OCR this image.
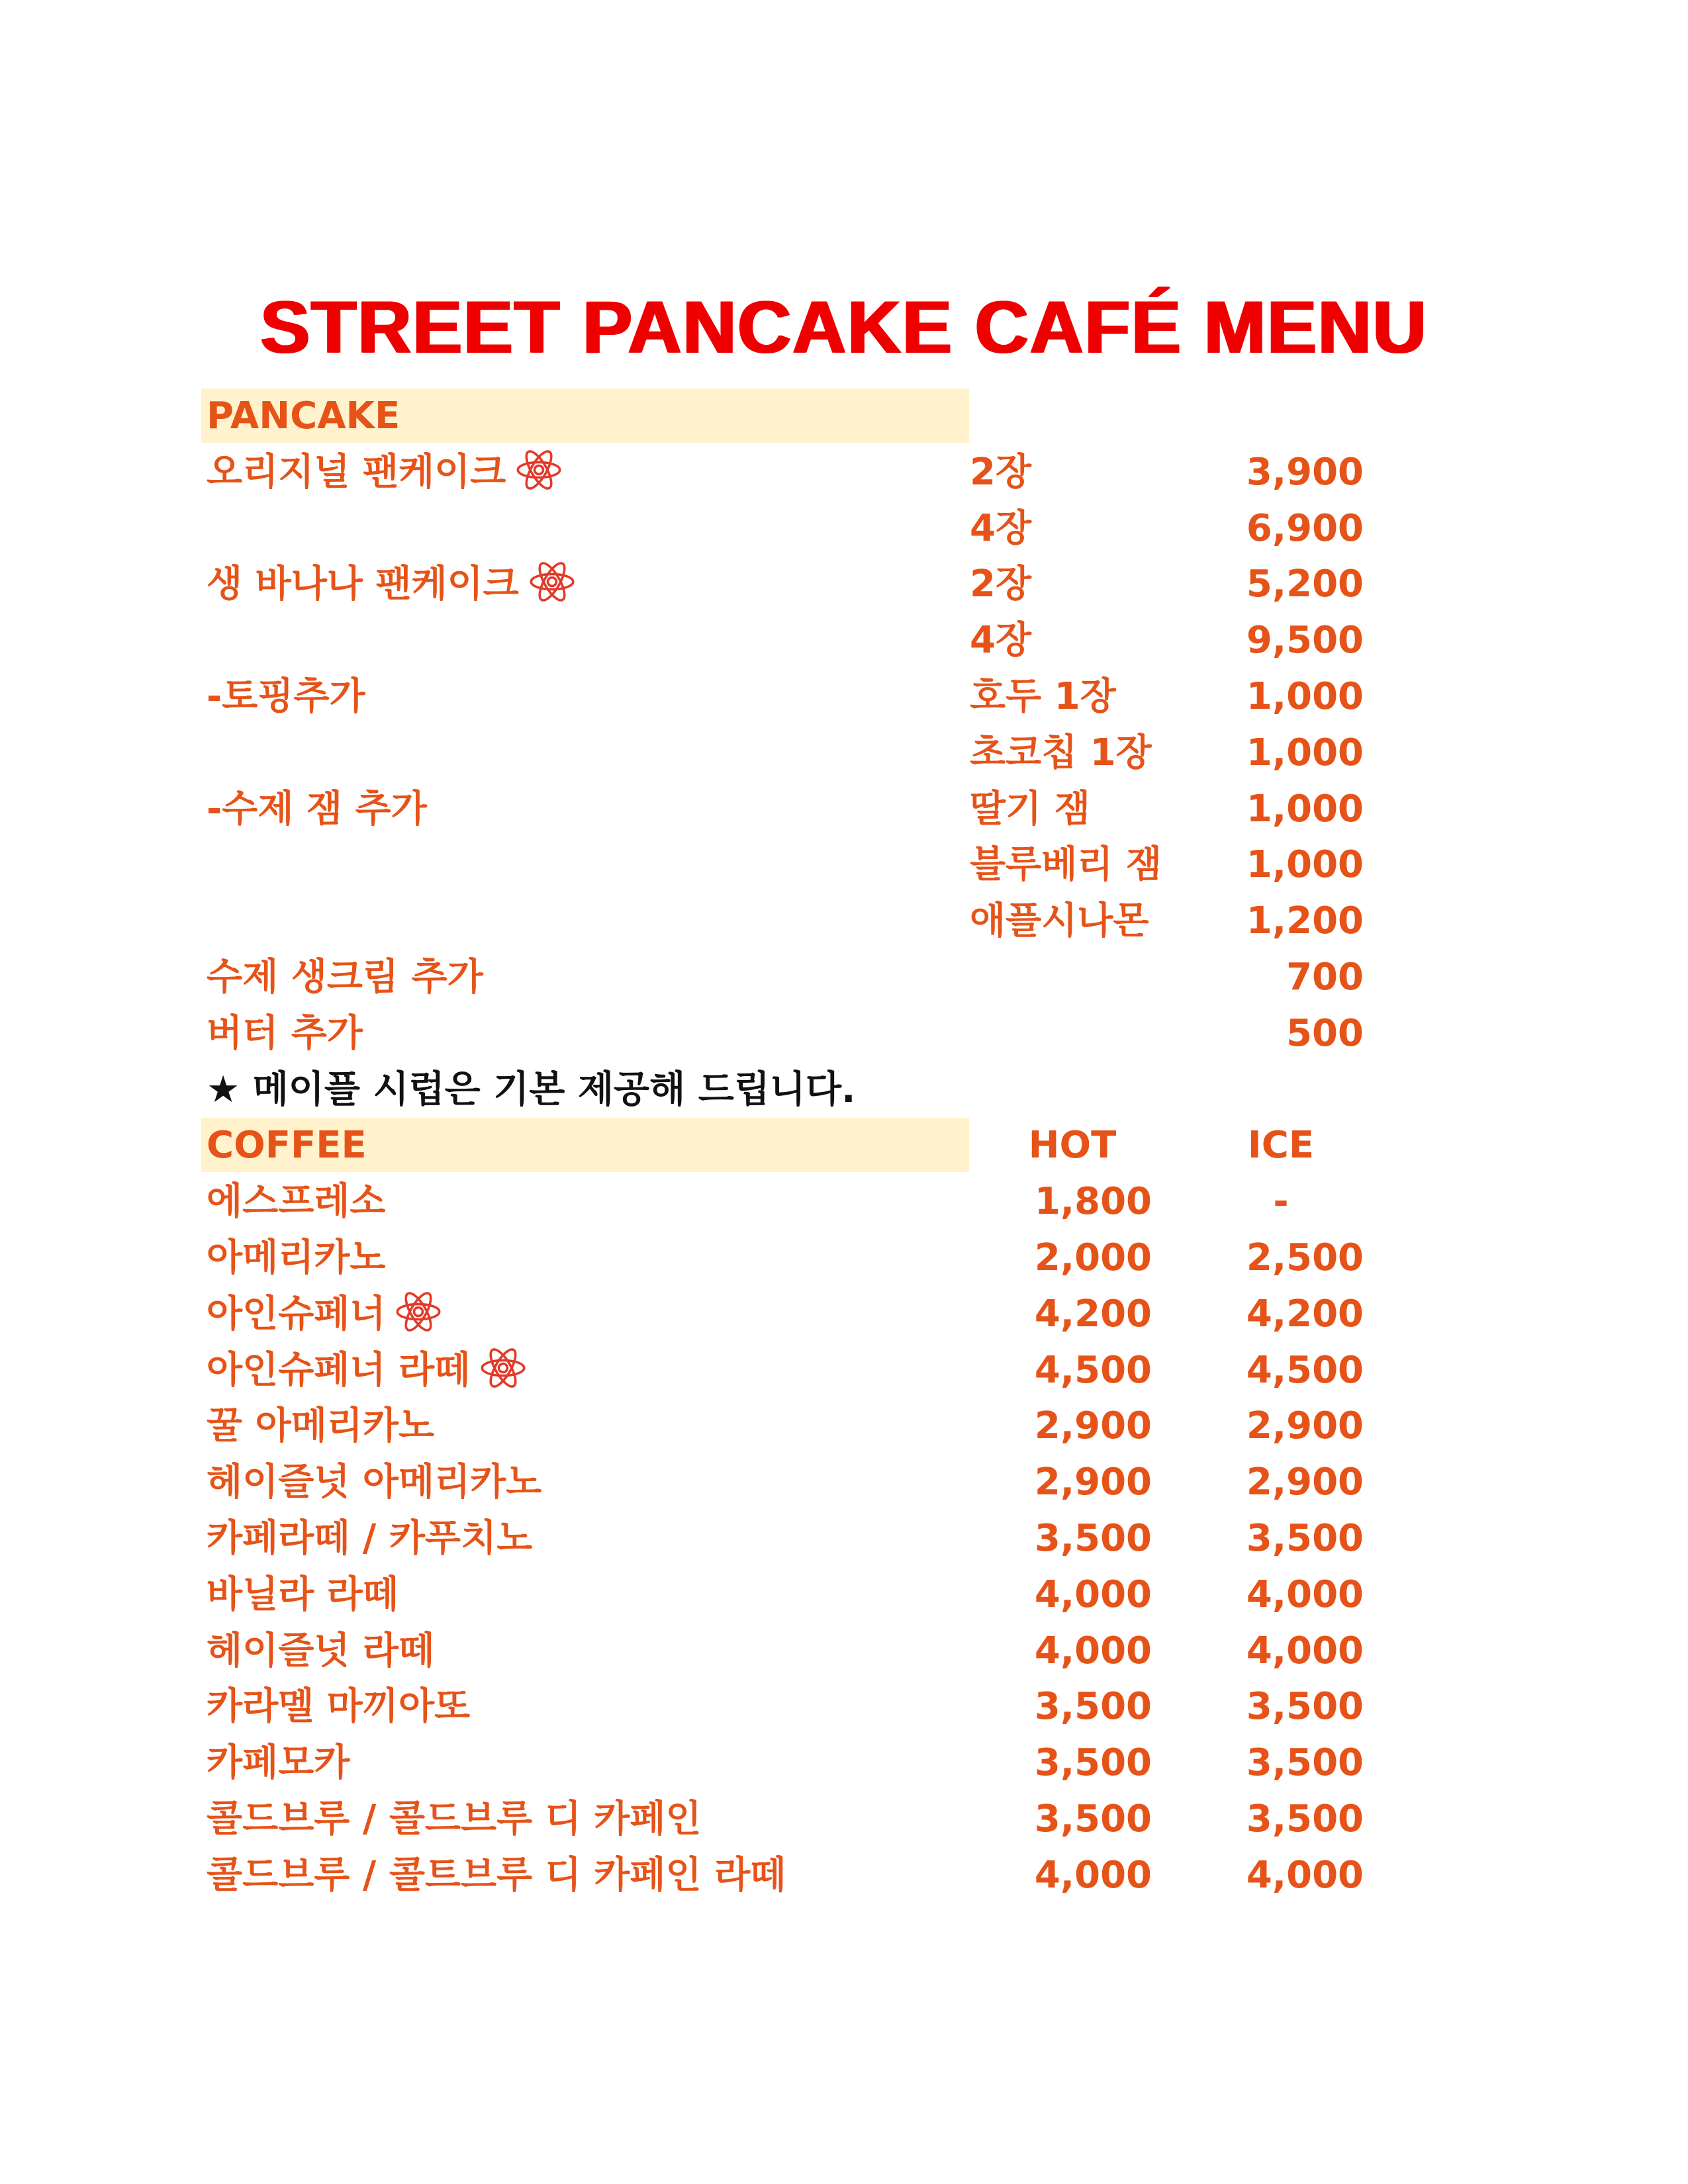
STREET PANCAKE CAFÉ MENU
PANCAKE
오리지널 팬케이크	2장	3,900
4장	6,900
생 바나나 팬케이크	2장	5,200
4장	9,500
-토핑추가	호두 1장	1,000
초코칩 1장	1,000
-수제 잼 추가	딸기 잼	1,000
블루베리 잼	1,000
애플시나몬	1,200
수제 생크림 추가	700
버터 추가	500
★ 메이플 시럽은 기본 제공해 드립니다.
COFFEE	HOT	ICE
에스프레소	1,800	-
아메리카노	2,000	2,500
아인슈페너	4,200	4,200
아인슈페너 라떼	4,500	4,500
꿀 아메리카노	2,900	2,900
헤이즐넛 아메리카노	2,900	2,900
카페라떼 / 카푸치노	3,500	3,500
바닐라 라떼	4,000	4,000
헤이즐넛 라떼	4,000	4,000
카라멜 마끼아또	3,500	3,500
카페모카	3,500	3,500
콜드브루 / 콜드브루 디 카페인	3,500	3,500
콜드브루 / 콜트브루 디 카페인 라떼	4,000	4,000
